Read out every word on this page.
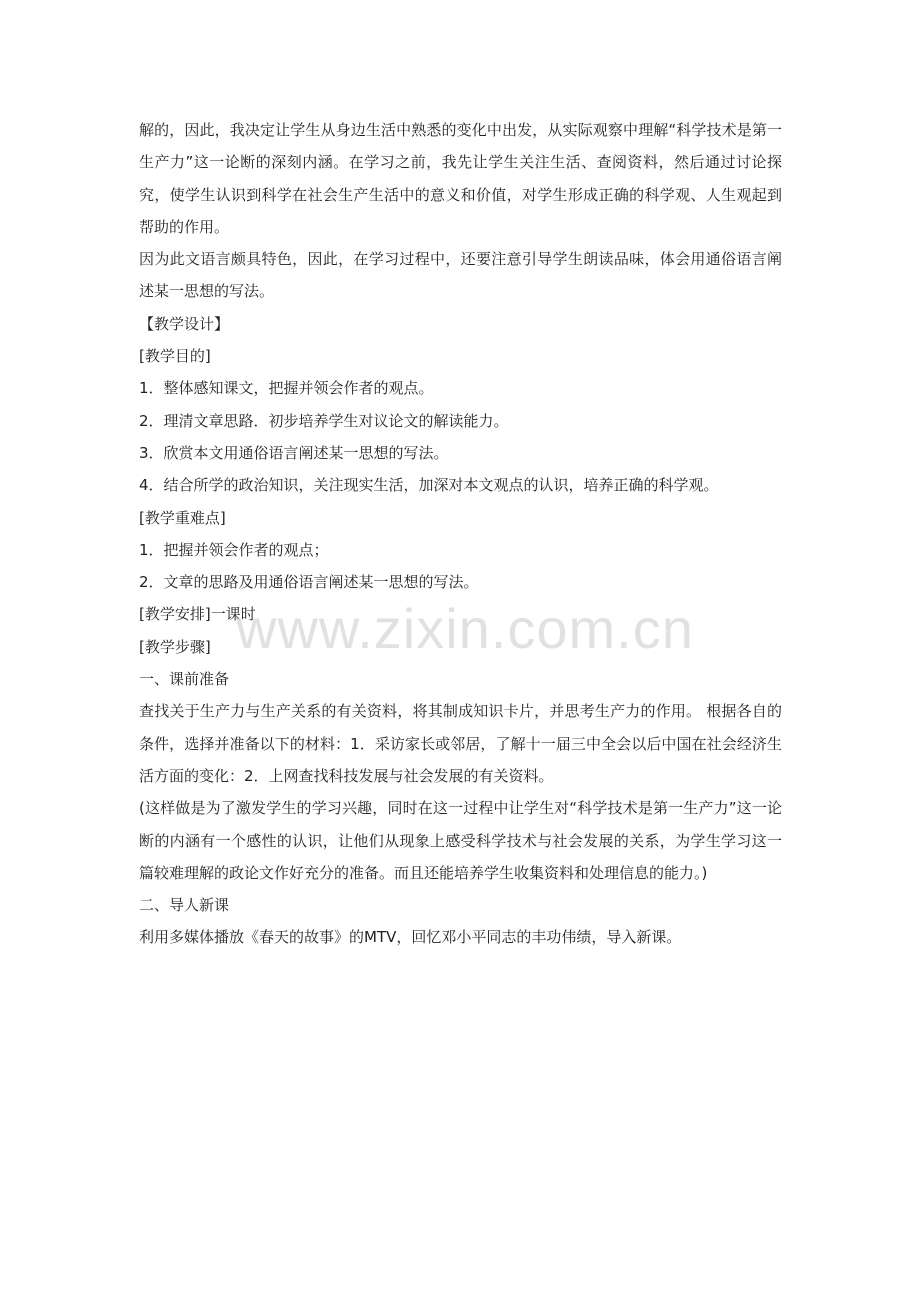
解的，因此，我决定让学生从身边生活中熟悉的变化中出发，从实际观察中理解“科学技术是第一生产力”这一论断的深刻内涵。在学习之前，我先让学生关注生活、查阅资料，然后通过讨论探究，使学生认识到科学在社会生产生活中的意义和价值，对学生形成正确的科学观、人生观起到帮助的作用。

因为此文语言颇具特色，因此，在学习过程中，还要注意引导学生朗读品味，体会用通俗语言阐述某一思想的写法。

【教学设计】

[教学目的]

1．整体感知课文，把握并领会作者的观点。

2．理清文章思路．初步培养学生对议论文的解读能力。

3．欣赏本文用通俗语言阐述某一思想的写法。

4．结合所学的政治知识，关注现实生活，加深对本文观点的认识，培养正确的科学观。

[教学重难点]

1．把握并领会作者的观点；

2．文章的思路及用通俗语言阐述某一思想的写法。

[教学安排]一课时

[教学步骤]

一、课前准备

查找关于生产力与生产关系的有关资料，将其制成知识卡片，并思考生产力的作用。 根据各自的条件，选择并准备以下的材料：1．采访家长或邻居，了解十一届三中全会以后中国在社会经济生活方面的变化：2．上网查找科技发展与社会发展的有关资料。

(这样做是为了激发学生的学习兴趣，同时在这一过程中让学生对“科学技术是第一生产力”这一论断的内涵有一个感性的认识，让他们从现象上感受科学技术与社会发展的关系，为学生学习这一篇较难理解的政论文作好充分的准备。而且还能培养学生收集资料和处理信息的能力。)

二、导人新课

利用多媒体播放《春天的故事》的MTV，回忆邓小平同志的丰功伟绩，导入新课。

www.zixin.com.cn
